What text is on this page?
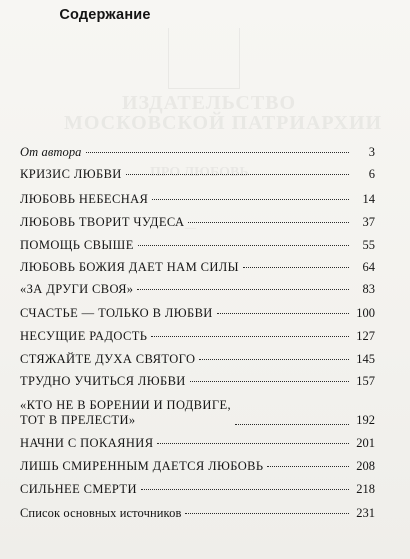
ИЗДАТЕЛЬСТВО
МОСКОВСКОЙ ПАТРИАРХИИ
ПРО ЛЮБОВЬ
—
Содержание
От автора	3
КРИЗИС ЛЮБВИ	6
ЛЮБОВЬ НЕБЕСНАЯ	14
ЛЮБОВЬ ТВОРИТ ЧУДЕСА	37
ПОМОЩЬ СВЫШЕ	55
ЛЮБОВЬ БОЖИЯ ДАЕТ НАМ СИЛЫ	64
«ЗА ДРУГИ СВОЯ»	83
СЧАСТЬЕ — ТОЛЬКО В ЛЮБВИ	100
НЕСУЩИЕ РАДОСТЬ	127
СТЯЖАЙТЕ ДУХА СВЯТОГО	145
ТРУДНО УЧИТЬСЯ ЛЮБВИ	157
«КТО НЕ В БОРЕНИИ И ПОДВИГЕ,
ТОТ В ПРЕЛЕСТИ»	192
НАЧНИ С ПОКАЯНИЯ	201
ЛИШЬ СМИРЕННЫМ ДАЕТСЯ ЛЮБОВЬ	208
СИЛЬНЕЕ СМЕРТИ	218
Список основных источников	231
